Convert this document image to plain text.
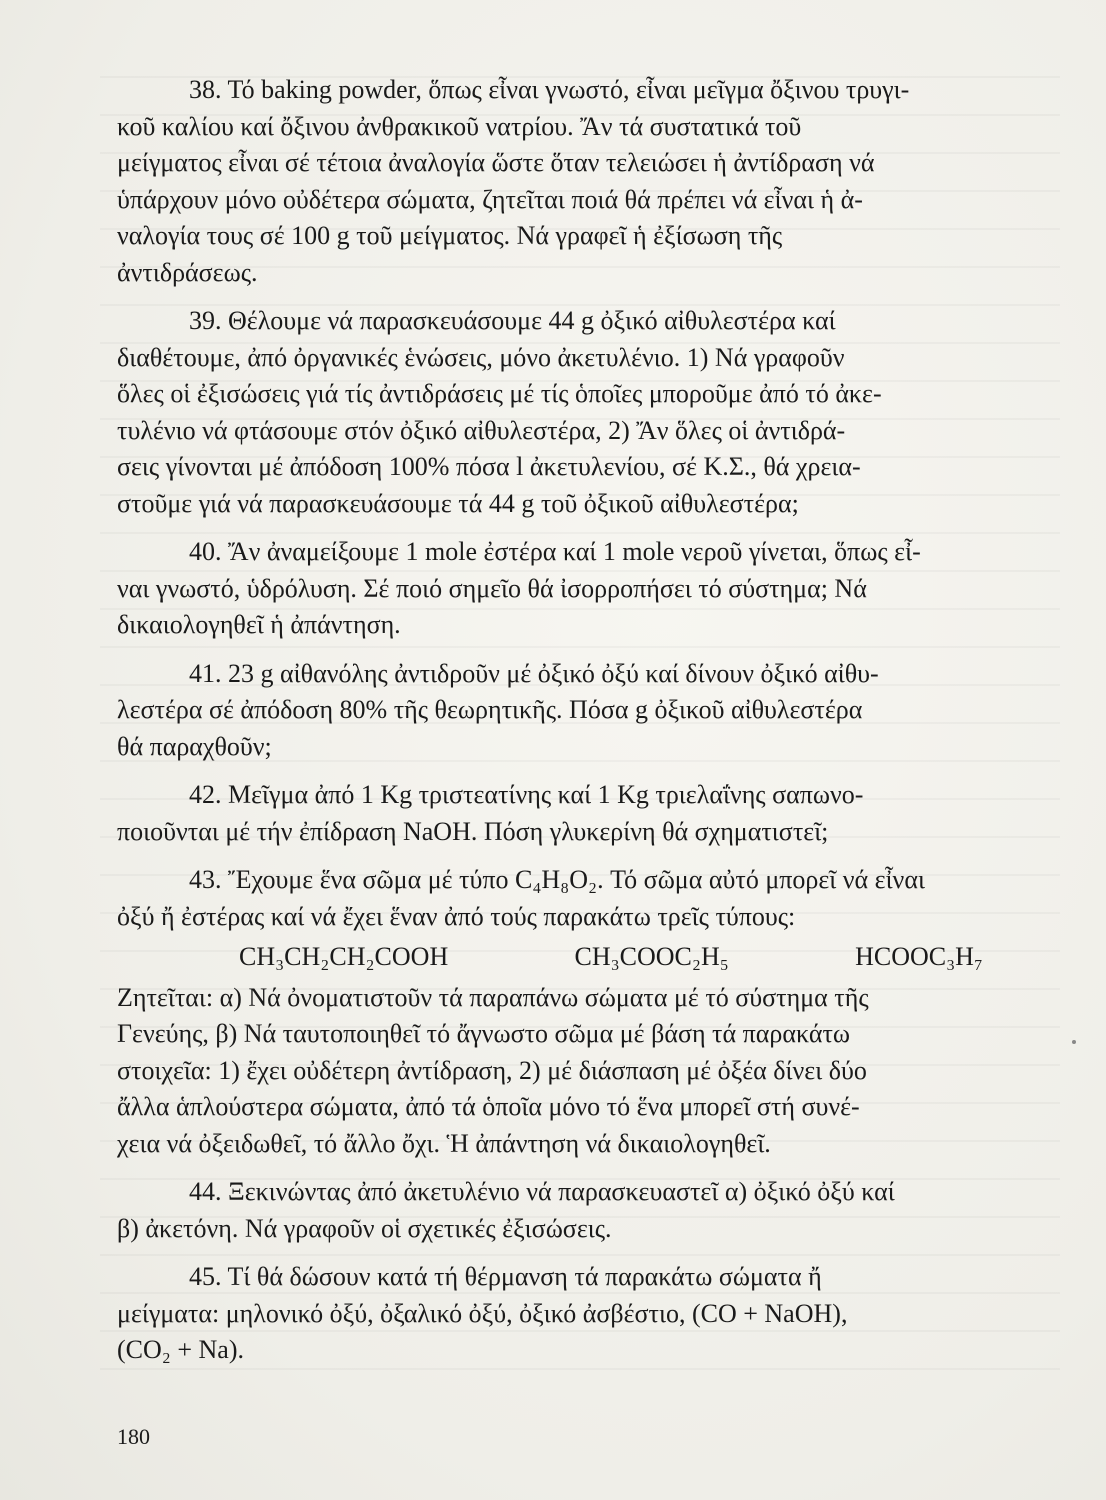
38. Τό baking powder, ὅπως εἶναι γνωστό, εἶναι μεῖγμα ὄξινου τρυγι-
κοῦ καλίου καί ὄξινου ἀνθρακικοῦ νατρίου. Ἄν τά συστατικά τοῦ
μείγματος εἶναι σέ τέτοια ἀναλογία ὥστε ὅταν τελειώσει ἡ ἀντίδραση νά
ὑπάρχουν μόνο οὐδέτερα σώματα, ζητεῖται ποιά θά πρέπει νά εἶναι ἡ ἀ-
ναλογία τους σέ 100 g τοῦ μείγματος. Νά γραφεῖ ἡ ἐξίσωση τῆς
ἀντιδράσεως.

39. Θέλουμε νά παρασκευάσουμε 44 g ὀξικό αἰθυλεστέρα καί
διαθέτουμε, ἀπό ὀργανικές ἑνώσεις, μόνο ἀκετυλένιο. 1) Νά γραφοῦν
ὅλες οἱ ἐξισώσεις γιά τίς ἀντιδράσεις μέ τίς ὁποῖες μποροῦμε ἀπό τό ἀκε-
τυλένιο νά φτάσουμε στόν ὀξικό αἰθυλεστέρα, 2) Ἄν ὅλες οἱ ἀντιδρά-
σεις γίνονται μέ ἀπόδοση 100% πόσα l ἀκετυλενίου, σέ Κ.Σ., θά χρεια-
στοῦμε γιά νά παρασκευάσουμε τά 44 g τοῦ ὀξικοῦ αἰθυλεστέρα;

40. Ἄν ἀναμείξουμε 1 mole ἐστέρα καί 1 mole νεροῦ γίνεται, ὅπως εἶ-
ναι γνωστό, ὑδρόλυση. Σέ ποιό σημεῖο θά ἰσορροπήσει τό σύστημα; Νά
δικαιολογηθεῖ ἡ ἀπάντηση.

41. 23 g αἰθανόλης ἀντιδροῦν μέ ὀξικό ὀξύ καί δίνουν ὀξικό αἰθυ-
λεστέρα σέ ἀπόδοση 80% τῆς θεωρητικῆς. Πόσα g ὀξικοῦ αἰθυλεστέρα
θά παραχθοῦν;

42. Μεῖγμα ἀπό 1 Kg τριστεατίνης καί 1 Kg τριελαΐνης σαπωνο-
ποιοῦνται μέ τήν ἐπίδραση NaOH. Πόση γλυκερίνη θά σχηματιστεῖ;

43. Ἔχουμε ἕνα σῶμα μέ τύπο C₄H₈O₂. Τό σῶμα αὐτό μπορεῖ νά εἶναι
ὀξύ ἤ ἐστέρας καί νά ἔχει ἕναν ἀπό τούς παρακάτω τρεῖς τύπους:
CH₃CH₂CH₂COOH	CH₃COOC₂H₅	HCOOC₃H₇
Ζητεῖται: α) Νά ὀνοματιστοῦν τά παραπάνω σώματα μέ τό σύστημα τῆς
Γενεύης, β) Νά ταυτοποιηθεῖ τό ἄγνωστο σῶμα μέ βάση τά παρακάτω
στοιχεῖα: 1) ἔχει οὐδέτερη ἀντίδραση, 2) μέ διάσπαση μέ ὀξέα δίνει δύο
ἄλλα ἁπλούστερα σώματα, ἀπό τά ὁποῖα μόνο τό ἕνα μπορεῖ στή συνέ-
χεια νά ὀξειδωθεῖ, τό ἄλλο ὄχι. Ἡ ἀπάντηση νά δικαιολογηθεῖ.

44. Ξεκινώντας ἀπό ἀκετυλένιο νά παρασκευαστεῖ α) ὀξικό ὀξύ καί
β) ἀκετόνη. Νά γραφοῦν οἱ σχετικές ἐξισώσεις.

45. Τί θά δώσουν κατά τή θέρμανση τά παρακάτω σώματα ἤ
μείγματα: μηλονικό ὀξύ, ὀξαλικό ὀξύ, ὀξικό ἀσβέστιο, (CO + NaOH),
(CO₂ + Na).

180
